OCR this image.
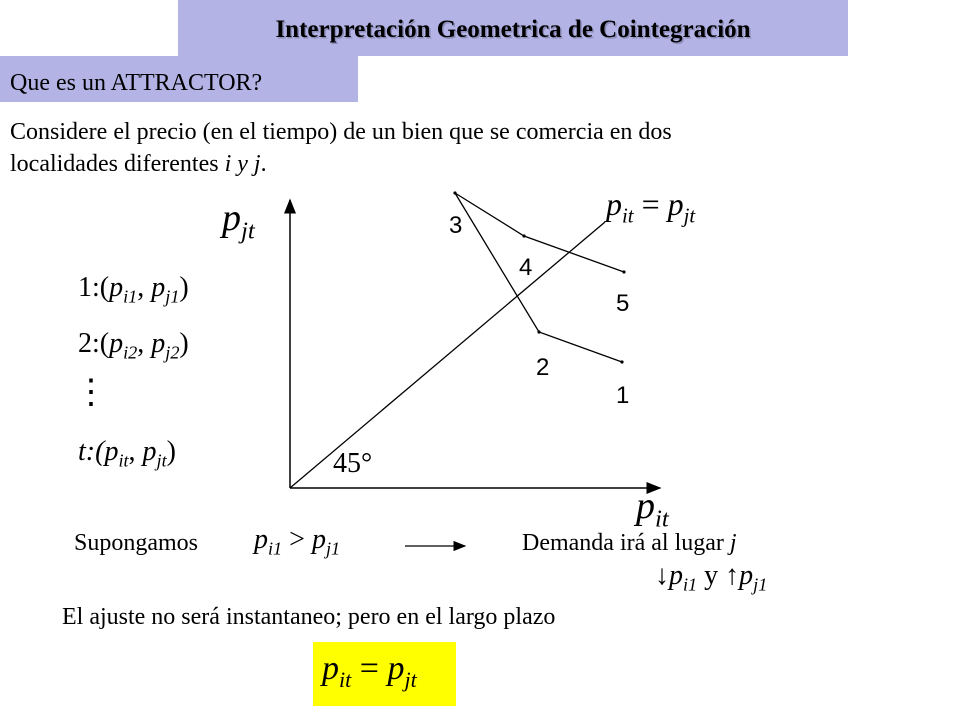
Interpretación Geometrica de Cointegración
Que es un ATTRACTOR?
Considere el precio (en el tiempo) de un bien que se comercia en dos
localidades diferentes i y j.
$p_{jt}$
$p_{it}$
$p_{it} = p_{jt}$
45°
1
2
3
4
5
$1:(p_{i1}$, $p_{j1}$)
$2:(p_{i2}$, $p_{j2}$)
⋮
$t:(p_{it}$, $p_{jt}$)
Supongamos $p_{i1} > p_{j1}$	Demanda irá al lugar j
$↓p_{i1}$ y $↑p_{j1}$
El ajuste no será instantaneo; pero en el largo plazo
$p_{it} = p_{jt}$
